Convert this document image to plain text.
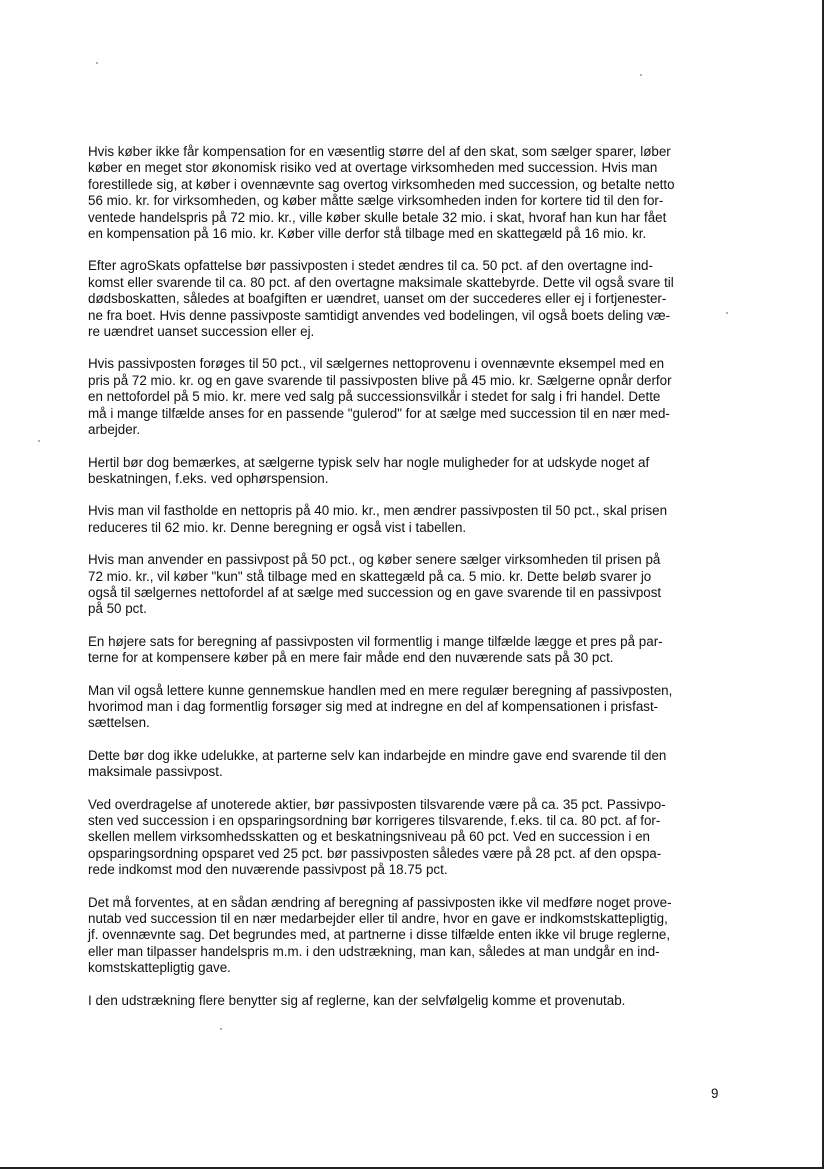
Hvis køber ikke får kompensation for en væsentlig større del af den skat, som sælger sparer, løber
køber en meget stor økonomisk risiko ved at overtage virksomheden med succession. Hvis man
forestillede sig, at køber i ovennævnte sag overtog virksomheden med succession, og betalte netto
56 mio. kr. for virksomheden, og køber måtte sælge virksomheden inden for kortere tid til den for-
ventede handelspris på 72 mio. kr., ville køber skulle betale 32 mio. i skat, hvoraf han kun har fået
en kompensation på 16 mio. kr. Køber ville derfor stå tilbage med en skattegæld på 16 mio. kr.

Efter agroSkats opfattelse bør passivposten i stedet ændres til ca. 50 pct. af den overtagne ind-
komst eller svarende til ca. 80 pct. af den overtagne maksimale skattebyrde. Dette vil også svare til
dødsboskatten, således at boafgiften er uændret, uanset om der succederes eller ej i fortjenester-
ne fra boet. Hvis denne passivposte samtidigt anvendes ved bodelingen, vil også boets deling væ-
re uændret uanset succession eller ej.

Hvis passivposten forøges til 50 pct., vil sælgernes nettoprovenu i ovennævnte eksempel med en
pris på 72 mio. kr. og en gave svarende til passivposten blive på 45 mio. kr. Sælgerne opnår derfor
en nettofordel på 5 mio. kr. mere ved salg på successionsvilkår i stedet for salg i fri handel. Dette
må i mange tilfælde anses for en passende "gulerod" for at sælge med succession til en nær med-
arbejder.

Hertil bør dog bemærkes, at sælgerne typisk selv har nogle muligheder for at udskyde noget af
beskatningen, f.eks. ved ophørspension.

Hvis man vil fastholde en nettopris på 40 mio. kr., men ændrer passivposten til 50 pct., skal prisen
reduceres til 62 mio. kr. Denne beregning er også vist i tabellen.

Hvis man anvender en passivpost på 50 pct., og køber senere sælger virksomheden til prisen på
72 mio. kr., vil køber "kun" stå tilbage med en skattegæld på ca. 5 mio. kr. Dette beløb svarer jo
også til sælgernes nettofordel af at sælge med succession og en gave svarende til en passivpost
på 50 pct.

En højere sats for beregning af passivposten vil formentlig i mange tilfælde lægge et pres på par-
terne for at kompensere køber på en mere fair måde end den nuværende sats på 30 pct.

Man vil også lettere kunne gennemskue handlen med en mere regulær beregning af passivposten,
hvorimod man i dag formentlig forsøger sig med at indregne en del af kompensationen i prisfast-
sættelsen.

Dette bør dog ikke udelukke, at parterne selv kan indarbejde en mindre gave end svarende til den
maksimale passivpost.

Ved overdragelse af unoterede aktier, bør passivposten tilsvarende være på ca. 35 pct. Passivpo-
sten ved succession i en opsparingsordning bør korrigeres tilsvarende, f.eks. til ca. 80 pct. af for-
skellen mellem virksomhedsskatten og et beskatningsniveau på 60 pct. Ved en succession i en
opsparingsordning opsparet ved 25 pct. bør passivposten således være på 28 pct. af den opspa-
rede indkomst mod den nuværende passivpost på 18.75 pct.

Det må forventes, at en sådan ændring af beregning af passivposten ikke vil medføre noget prove-
nutab ved succession til en nær medarbejder eller til andre, hvor en gave er indkomstskattepligtig,
jf. ovennævnte sag. Det begrundes med, at partnerne i disse tilfælde enten ikke vil bruge reglerne,
eller man tilpasser handelspris m.m. i den udstrækning, man kan, således at man undgår en ind-
komstskattepligtig gave.

I den udstrækning flere benytter sig af reglerne, kan der selvfølgelig komme et provenutab.

9
